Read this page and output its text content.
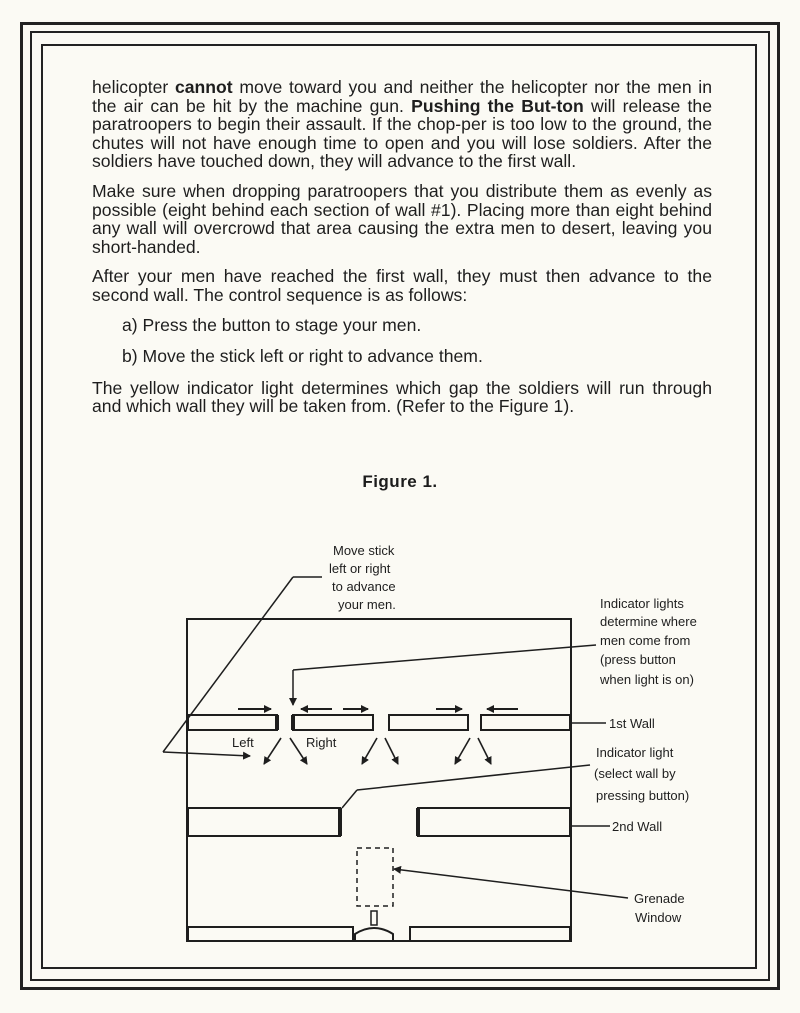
helicopter cannot move toward you and neither the helicopter nor the men in the air can be hit by the machine gun. Pushing the But-ton will release the paratroopers to begin their assault. If the chop-per is too low to the ground, the chutes will not have enough time to open and you will lose soldiers. After the soldiers have touched down, they will advance to the first wall.

Make sure when dropping paratroopers that you distribute them as evenly as possible (eight behind each section of wall #1). Placing more than eight behind any wall will overcrowd that area causing the extra men to desert, leaving you short-handed.

After your men have reached the first wall, they must then advance to the second wall. The control sequence is as follows:

a) Press the button to stage your men.

b) Move the stick left or right to advance them.

The yellow indicator light determines which gap the soldiers will run through and which wall they will be taken from. (Refer to the Figure 1).

Figure 1.
Left	Right
Move stick
left or right
to advance
your men.	Indicator lights
determine where
men come from
(press button
when light is on)
1st Wall
Indicator light
(select wall by
pressing button)
2nd Wall
Grenade
Window
